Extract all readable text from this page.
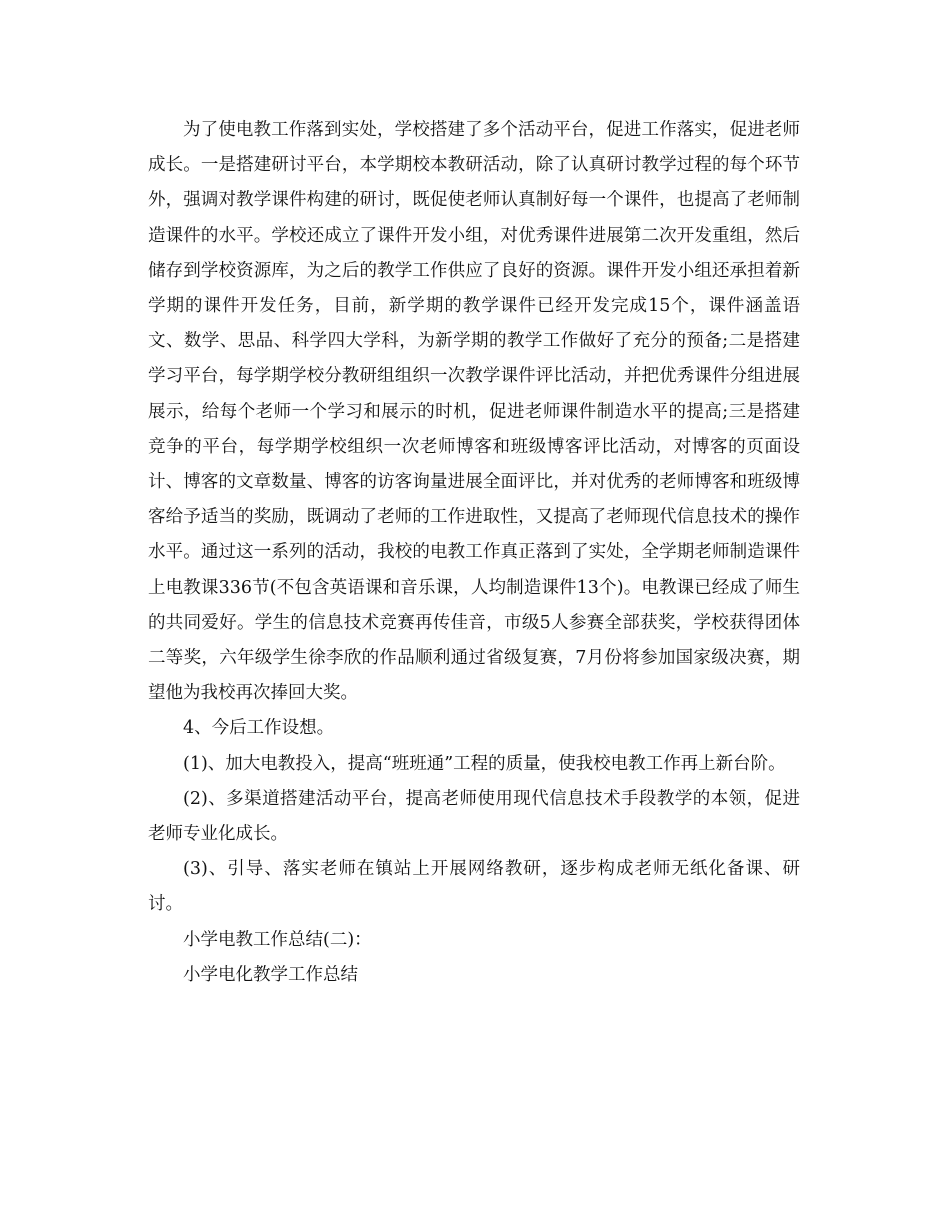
为了使电教工作落到实处，学校搭建了多个活动平台，促进工作落实，促进老师成长。一是搭建研讨平台，本学期校本教研活动，除了认真研讨教学过程的每个环节外，强调对教学课件构建的研讨，既促使老师认真制好每一个课件，也提高了老师制造课件的水平。学校还成立了课件开发小组，对优秀课件进展第二次开发重组，然后储存到学校资源库，为之后的教学工作供应了良好的资源。课件开发小组还承担着新学期的课件开发任务，目前，新学期的教学课件已经开发完成15个，课件涵盖语文、数学、思品、科学四大学科，为新学期的教学工作做好了充分的预备;二是搭建学习平台，每学期学校分教研组组织一次教学课件评比活动，并把优秀课件分组进展展示，给每个老师一个学习和展示的时机，促进老师课件制造水平的提高;三是搭建竞争的平台，每学期学校组织一次老师博客和班级博客评比活动，对博客的页面设计、博客的文章数量、博客的访客询量进展全面评比，并对优秀的老师博客和班级博客给予适当的奖励，既调动了老师的工作进取性，又提高了老师现代信息技术的操作水平。通过这一系列的活动，我校的电教工作真正落到了实处，全学期老师制造课件上电教课336节(不包含英语课和音乐课，人均制造课件13个)。电教课已经成了师生的共同爱好。学生的信息技术竞赛再传佳音，市级5人参赛全部获奖，学校获得团体二等奖，六年级学生徐李欣的作品顺利通过省级复赛，7月份将参加国家级决赛，期望他为我校再次捧回大奖。

4、今后工作设想。

(1)、加大电教投入，提高“班班通”工程的质量，使我校电教工作再上新台阶。

(2)、多渠道搭建活动平台，提高老师使用现代信息技术手段教学的本领，促进老师专业化成长。

(3)、引导、落实老师在镇站上开展网络教研，逐步构成老师无纸化备课、研讨。

小学电教工作总结(二)：

小学电化教学工作总结
